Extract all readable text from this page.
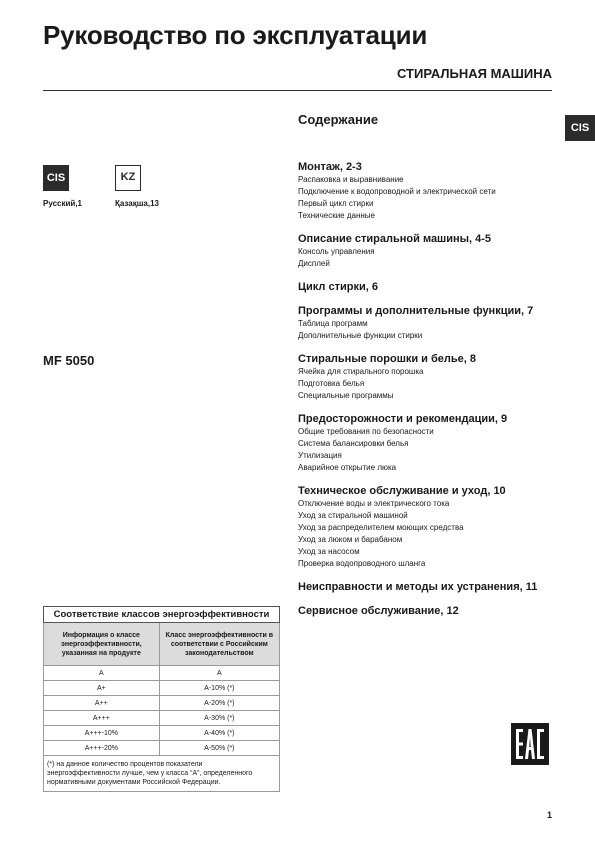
Руководство по эксплуатации
СТИРАЛЬНАЯ МАШИНА
CIS
CIS
Русский,1
KZ
Қазақша,13
MF 5050
Содержание
Монтаж, 2-3
Распаковка и выравнивание
Подключение к водопроводной и электрической сети
Первый цикл стирки
Технические данные
Описание стиральной машины, 4-5
Консоль управления
Дисплей
Цикл стирки, 6
Программы и дополнительные функции, 7
Таблица программ
Дополнительные функции стирки
Стиральные порошки и белье, 8
Ячейка для стирального порошка
Подготовка белья
Специальные программы
Предосторожности и рекомендации, 9
Общие требования по безопасности
Система балансировки белья
Утилизация
Аварийное открытие люка
Техническое обслуживание и уход, 10
Отключение воды и электрического тока
Уход за стиральной машиной
Уход за распределителем моющих средства
Уход за люком и барабаном
Уход за насосом
Проверка водопроводного шланга
Неисправности и методы их устранения, 11
Сервисное обслуживание, 12
Соответствие классов энергоэффективности	
Информация о классе энергоэффективности, указанная на продукте	Класс энергоэффективности в соответствии с Российским законодательством
A	A
A+	A-10% (*)
A++	A-20% (*)
A+++	A-30% (*)
A+++-10%	A-40% (*)
A+++-20%	A-50% (*)
(*) на данное количество процентов показатели энергоэффективности лучше, чем у класса “A”, определенного нормативными документами Российской Федерации.	
1
